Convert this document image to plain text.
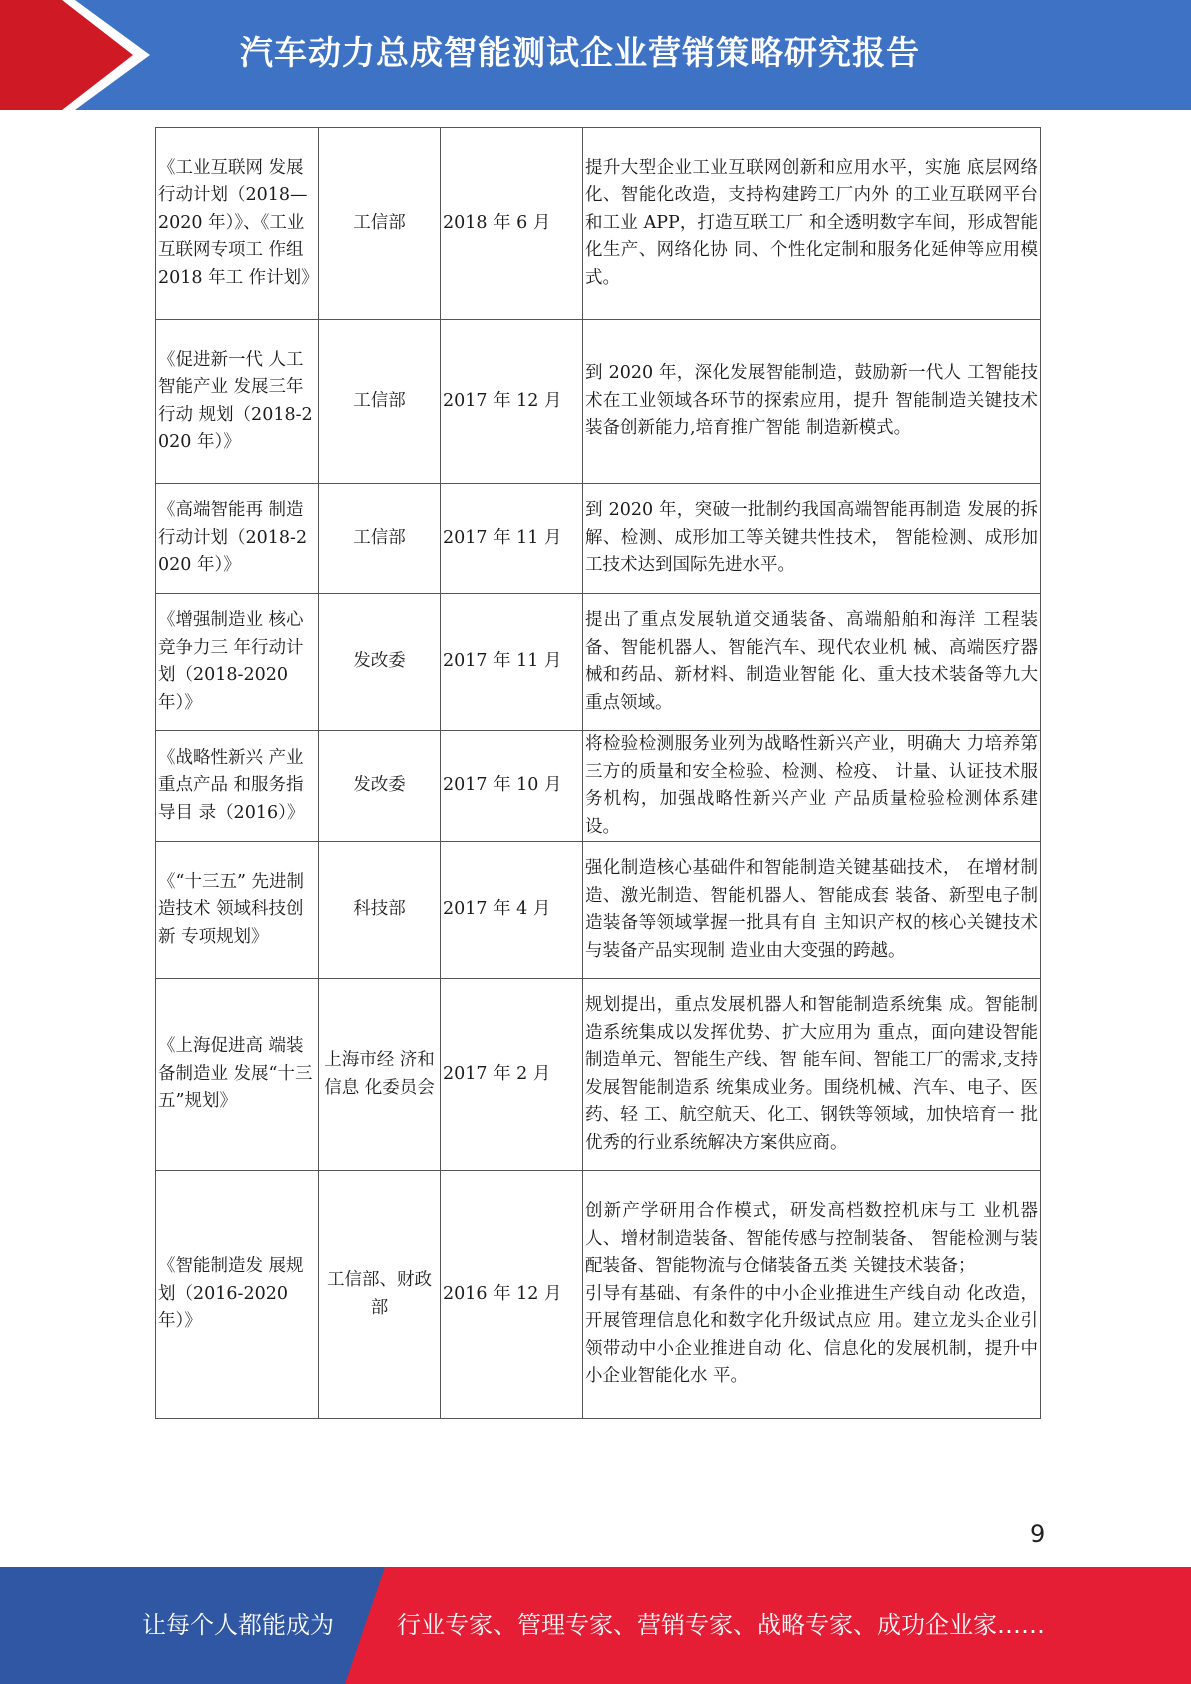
汽车动力总成智能测试企业营销策略研究报告
《工业互联网 发展行动计划（2018—2020 年）》、《工业互联网专项工 作组 2018 年工 作计划》	工信部	2018 年 6 月	提升大型企业工业互联网创新和应用水平，实施 底层网络化、智能化改造，支持构建跨工厂内外 的工业互联网平台和工业 APP，打造互联工厂 和全透明数字车间，形成智能化生产、网络化协 同、个性化定制和服务化延伸等应用模式。
《促进新一代 人工智能产业 发展三年行动 规划（2018-2020 年）》	工信部	2017 年 12 月	到 2020 年，深化发展智能制造，鼓励新一代人 工智能技术在工业领域各环节的探索应用，提升 智能制造关键技术装备创新能力,培育推广智能 制造新模式。
《高端智能再 制造行动计划（2018-2020 年）》	工信部	2017 年 11 月	到 2020 年，突破一批制约我国高端智能再制造 发展的拆解、检测、成形加工等关键共性技术， 智能检测、成形加工技术达到国际先进水平。
《增强制造业 核心竞争力三 年行动计划（2018-2020 年）》	发改委	2017 年 11 月	提出了重点发展轨道交通装备、高端船舶和海洋 工程装备、智能机器人、智能汽车、现代农业机 械、高端医疗器械和药品、新材料、制造业智能 化、重大技术装备等九大重点领域。
《战略性新兴 产业重点产品 和服务指导目 录（2016）》	发改委	2017 年 10 月	将检验检测服务业列为战略性新兴产业，明确大 力培养第三方的质量和安全检验、检测、检疫、 计量、认证技术服务机构，加强战略性新兴产业 产品质量检验检测体系建设。
《“十三五” 先进制造技术 领域科技创新 专项规划》	科技部	2017 年 4 月	强化制造核心基础件和智能制造关键基础技术， 在增材制造、激光制造、智能机器人、智能成套 装备、新型电子制造装备等领域掌握一批具有自 主知识产权的核心关键技术与装备产品实现制 造业由大变强的跨越。
《上海促进高 端装备制造业 发展“十三 五”规划》	上海市经 济和信息 化委员会	2017 年 2 月	规划提出，重点发展机器人和智能制造系统集 成。智能制造系统集成以发挥优势、扩大应用为 重点，面向建设智能制造单元、智能生产线、智 能车间、智能工厂的需求,支持发展智能制造系 统集成业务。围绕机械、汽车、电子、医药、轻 工、航空航天、化工、钢铁等领域，加快培育一 批优秀的行业系统解决方案供应商。
《智能制造发 展规划（2016-2020 年）》	工信部、财政部	2016 年 12 月	创新产学研用合作模式，研发高档数控机床与工 业机器人、增材制造装备、智能传感与控制装备、 智能检测与装配装备、智能物流与仓储装备五类 关键技术装备；
引导有基础、有条件的中小企业推进生产线自动 化改造，开展管理信息化和数字化升级试点应 用。建立龙头企业引领带动中小企业推进自动 化、信息化的发展机制，提升中小企业智能化水 平。
9
让每个人都能成为	行业专家、管理专家、营销专家、战略专家、成功企业家……
